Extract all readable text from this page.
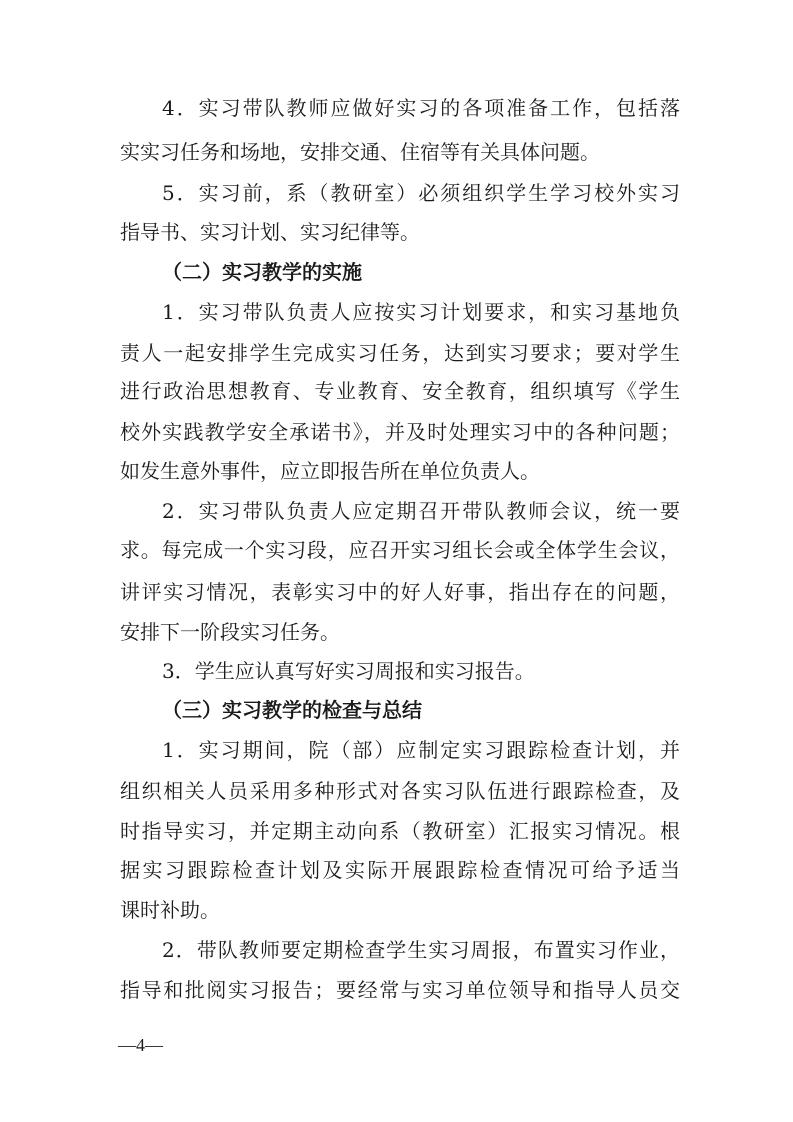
4．实习带队教师应做好实习的各项准备工作，包括落
实实习任务和场地，安排交通、住宿等有关具体问题。
5．实习前，系（教研室）必须组织学生学习校外实习
指导书、实习计划、实习纪律等。
（二）实习教学的实施
1．实习带队负责人应按实习计划要求，和实习基地负
责人一起安排学生完成实习任务，达到实习要求；要对学生
进行政治思想教育、专业教育、安全教育，组织填写《学生
校外实践教学安全承诺书》，并及时处理实习中的各种问题；
如发生意外事件，应立即报告所在单位负责人。
2．实习带队负责人应定期召开带队教师会议，统一要
求。每完成一个实习段，应召开实习组长会或全体学生会议，
讲评实习情况，表彰实习中的好人好事，指出存在的问题，
安排下一阶段实习任务。
3．学生应认真写好实习周报和实习报告。
（三）实习教学的检查与总结
1．实习期间，院（部）应制定实习跟踪检查计划，并
组织相关人员采用多种形式对各实习队伍进行跟踪检查，及
时指导实习，并定期主动向系（教研室）汇报实习情况。根
据实习跟踪检查计划及实际开展跟踪检查情况可给予适当
课时补助。
2．带队教师要定期检查学生实习周报，布置实习作业，
指导和批阅实习报告；要经常与实习单位领导和指导人员交
—4—
